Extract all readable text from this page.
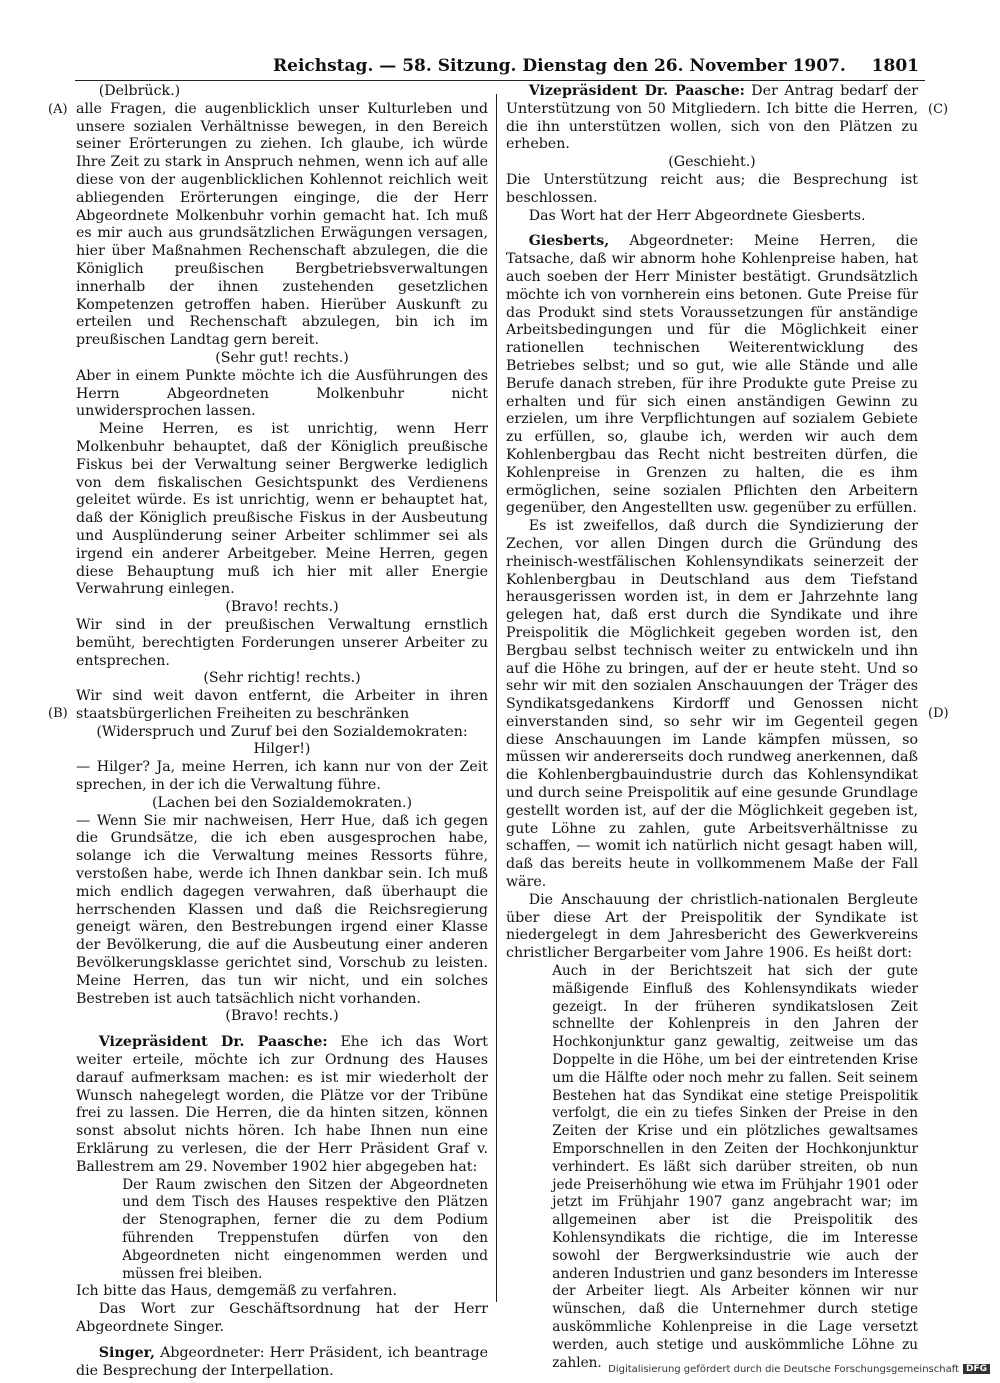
Reichstag. — 58. Sitzung. Dienstag den 26. November 1907. 1801
(A)
(B)
(C)
(D)

(Delbrück.)

alle Fragen, die augenblicklich unser Kulturleben und unsere sozialen Verhältnisse bewegen, in den Bereich seiner Erörterungen zu ziehen. Ich glaube, ich würde Ihre Zeit zu stark in Anspruch nehmen, wenn ich auf alle diese von der augenblicklichen Kohlennot reichlich weit abliegenden Erörterungen einginge, die der Herr Abgeordnete Molkenbuhr vorhin gemacht hat. Ich muß es mir auch aus grundsätzlichen Erwägungen versagen, hier über Maßnahmen Rechenschaft abzulegen, die die Königlich preußischen Bergbetriebsverwaltungen innerhalb der ihnen zustehenden gesetzlichen Kompetenzen getroffen haben. Hierüber Auskunft zu erteilen und Rechenschaft abzulegen, bin ich im preußischen Landtag gern bereit.

(Sehr gut! rechts.)

Aber in einem Punkte möchte ich die Ausführungen des Herrn Abgeordneten Molkenbuhr nicht unwidersprochen lassen.

Meine Herren, es ist unrichtig, wenn Herr Molkenbuhr behauptet, daß der Königlich preußische Fiskus bei der Verwaltung seiner Bergwerke lediglich von dem fiskalischen Gesichtspunkt des Verdienens geleitet würde. Es ist unrichtig, wenn er behauptet hat, daß der Königlich preußische Fiskus in der Ausbeutung und Ausplünderung seiner Arbeiter schlimmer sei als irgend ein anderer Arbeitgeber. Meine Herren, gegen diese Behauptung muß ich hier mit aller Energie Verwahrung einlegen.

(Bravo! rechts.)

Wir sind in der preußischen Verwaltung ernstlich bemüht, berechtigten Forderungen unserer Arbeiter zu entsprechen.

(Sehr richtig! rechts.)

Wir sind weit davon entfernt, die Arbeiter in ihren staatsbürgerlichen Freiheiten zu beschränken

(Widerspruch und Zuruf bei den Sozialdemokraten: Hilger!)

— Hilger? Ja, meine Herren, ich kann nur von der Zeit sprechen, in der ich die Verwaltung führe.

(Lachen bei den Sozialdemokraten.)

— Wenn Sie mir nachweisen, Herr Hue, daß ich gegen die Grundsätze, die ich eben ausgesprochen habe, solange ich die Verwaltung meines Ressorts führe, verstoßen habe, werde ich Ihnen dankbar sein. Ich muß mich endlich dagegen verwahren, daß überhaupt die herrschenden Klassen und daß die Reichsregierung geneigt wären, den Bestrebungen irgend einer Klasse der Bevölkerung, die auf die Ausbeutung einer anderen Bevölkerungsklasse gerichtet sind, Vorschub zu leisten. Meine Herren, das tun wir nicht, und ein solches Bestreben ist auch tatsächlich nicht vorhanden.

(Bravo! rechts.)

Vizepräsident Dr. Paasche: Ehe ich das Wort weiter erteile, möchte ich zur Ordnung des Hauses darauf aufmerksam machen: es ist mir wiederholt der Wunsch nahegelegt worden, die Plätze vor der Tribüne frei zu lassen. Die Herren, die da hinten sitzen, können sonst absolut nichts hören. Ich habe Ihnen nun eine Erklärung zu verlesen, die der Herr Präsident Graf v. Ballestrem am 29. November 1902 hier abgegeben hat:

Der Raum zwischen den Sitzen der Abgeordneten und dem Tisch des Hauses respektive den Plätzen der Stenographen, ferner die zu dem Podium führenden Treppenstufen dürfen von den Abgeordneten nicht eingenommen werden und müssen frei bleiben.

Ich bitte das Haus, demgemäß zu verfahren.

Das Wort zur Geschäftsordnung hat der Herr Abgeordnete Singer.

Singer, Abgeordneter: Herr Präsident, ich beantrage die Besprechung der Interpellation.

Vizepräsident Dr. Paasche: Der Antrag bedarf der Unterstützung von 50 Mitgliedern. Ich bitte die Herren, die ihn unterstützen wollen, sich von den Plätzen zu erheben.

(Geschieht.)

Die Unterstützung reicht aus; die Besprechung ist beschlossen.

Das Wort hat der Herr Abgeordnete Giesberts.

Giesberts, Abgeordneter: Meine Herren, die Tatsache, daß wir abnorm hohe Kohlenpreise haben, hat auch soeben der Herr Minister bestätigt. Grundsätzlich möchte ich von vornherein eins betonen. Gute Preise für das Produkt sind stets Voraussetzungen für anständige Arbeitsbedingungen und für die Möglichkeit einer rationellen technischen Weiterentwicklung des Betriebes selbst; und so gut, wie alle Stände und alle Berufe danach streben, für ihre Produkte gute Preise zu erhalten und für sich einen anständigen Gewinn zu erzielen, um ihre Verpflichtungen auf sozialem Gebiete zu erfüllen, so, glaube ich, werden wir auch dem Kohlenbergbau das Recht nicht bestreiten dürfen, die Kohlenpreise in Grenzen zu halten, die es ihm ermöglichen, seine sozialen Pflichten den Arbeitern gegenüber, den Angestellten usw. gegenüber zu erfüllen.

Es ist zweifellos, daß durch die Syndizierung der Zechen, vor allen Dingen durch die Gründung des rheinisch-westfälischen Kohlensyndikats seinerzeit der Kohlenbergbau in Deutschland aus dem Tiefstand herausgerissen worden ist, in dem er Jahrzehnte lang gelegen hat, daß erst durch die Syndikate und ihre Preispolitik die Möglichkeit gegeben worden ist, den Bergbau selbst technisch weiter zu entwickeln und ihn auf die Höhe zu bringen, auf der er heute steht. Und so sehr wir mit den sozialen Anschauungen der Träger des Syndikatsgedankens Kirdorff und Genossen nicht einverstanden sind, so sehr wir im Gegenteil gegen diese Anschauungen im Lande kämpfen müssen, so müssen wir andererseits doch rundweg anerkennen, daß die Kohlenbergbauindustrie durch das Kohlensyndikat und durch seine Preispolitik auf eine gesunde Grundlage gestellt worden ist, auf der die Möglichkeit gegeben ist, gute Löhne zu zahlen, gute Arbeitsverhältnisse zu schaffen, — womit ich natürlich nicht gesagt haben will, daß das bereits heute in vollkommenem Maße der Fall wäre.

Die Anschauung der christlich-nationalen Bergleute über diese Art der Preispolitik der Syndikate ist niedergelegt in dem Jahresbericht des Gewerkvereins christlicher Bergarbeiter vom Jahre 1906. Es heißt dort:

Auch in der Berichtszeit hat sich der gute mäßigende Einfluß des Kohlensyndikats wieder gezeigt. In der früheren syndikatslosen Zeit schnellte der Kohlenpreis in den Jahren der Hochkonjunktur ganz gewaltig, zeitweise um das Doppelte in die Höhe, um bei der eintretenden Krise um die Hälfte oder noch mehr zu fallen. Seit seinem Bestehen hat das Syndikat eine stetige Preispolitik verfolgt, die ein zu tiefes Sinken der Preise in den Zeiten der Krise und ein plötzliches gewaltsames Emporschnellen in den Zeiten der Hochkonjunktur verhindert. Es läßt sich darüber streiten, ob nun jede Preiserhöhung wie etwa im Frühjahr 1901 oder jetzt im Frühjahr 1907 ganz angebracht war; im allgemeinen aber ist die Preispolitik des Kohlensyndikats die richtige, die im Interesse sowohl der Bergwerksindustrie wie auch der anderen Industrien und ganz besonders im Interesse der Arbeiter liegt. Als Arbeiter können wir nur wünschen, daß die Unternehmer durch stetige auskömmliche Kohlenpreise in die Lage versetzt werden, auch stetige und auskömmliche Löhne zu zahlen. Digitalisierung gefördert durch die Deutsche Forschungsgemeinschaft DFG
